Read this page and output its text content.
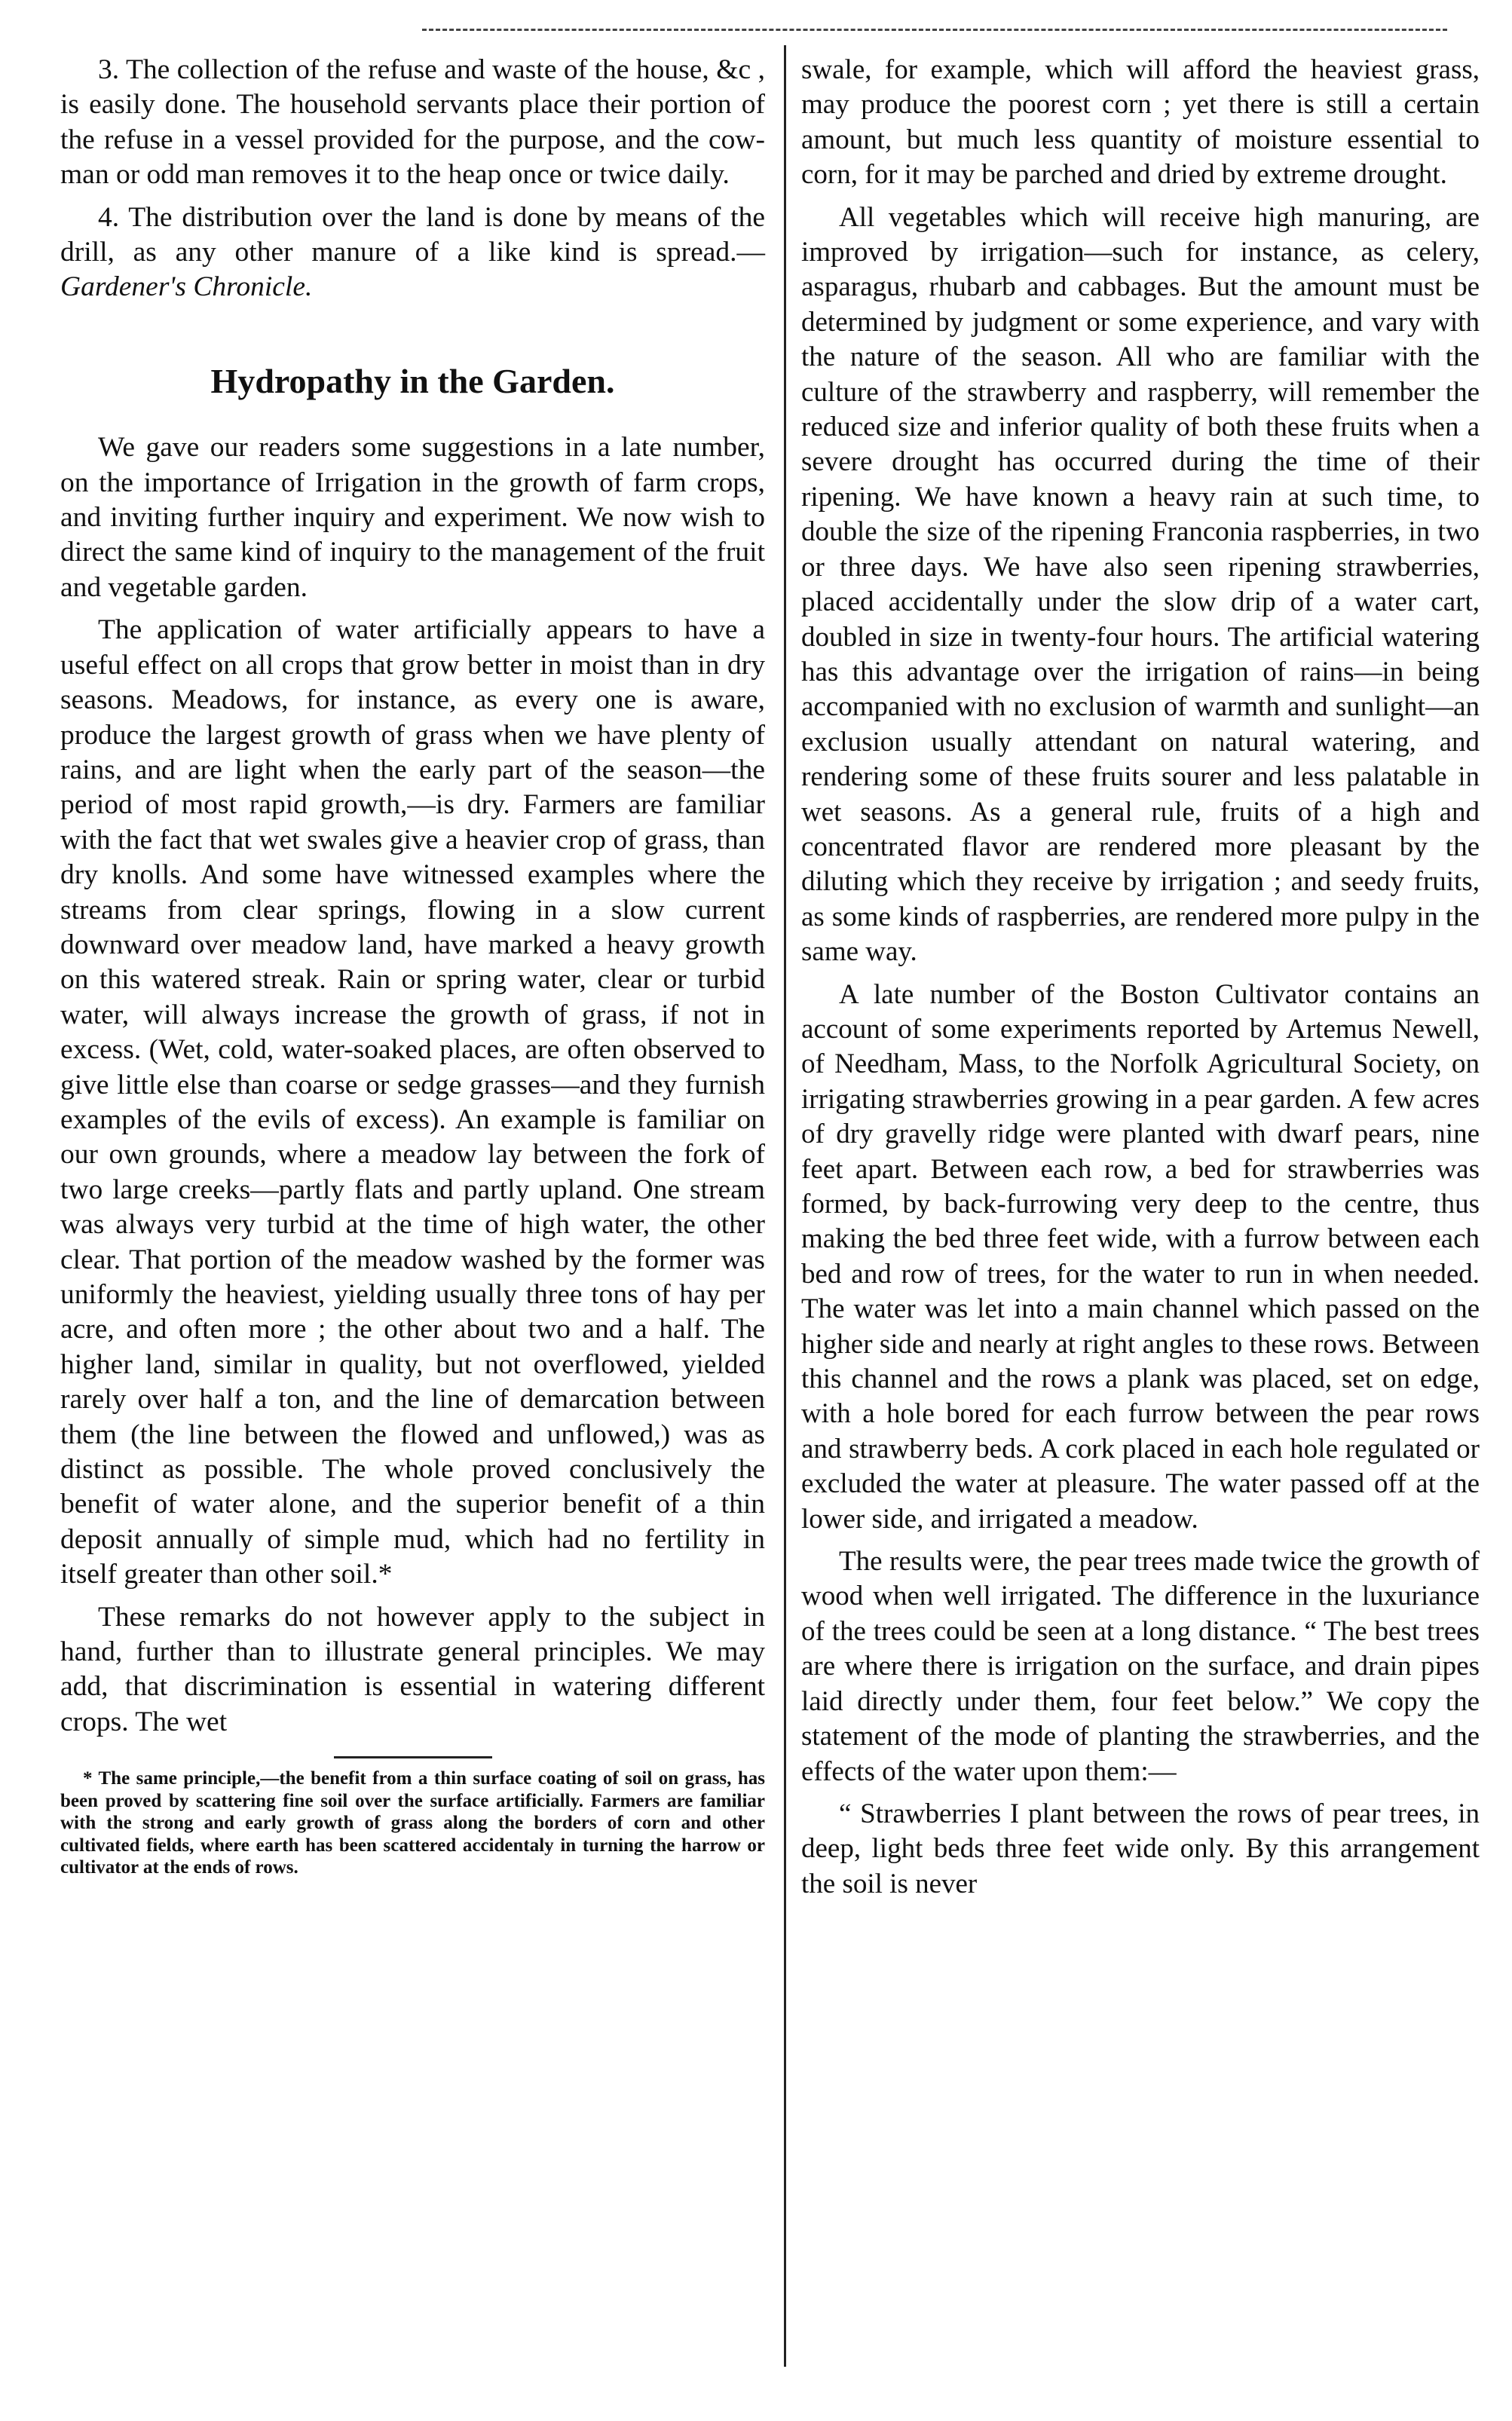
3. The collection of the refuse and waste of the house, &c , is easily done. The household servants place their portion of the refuse in a vessel provided for the purpose, and the cow-man or odd man removes it to the heap once or twice daily.

4. The distribution over the land is done by means of the drill, as any other manure of a like kind is spread.—Gardener's Chronicle.

Hydropathy in the Garden.

We gave our readers some suggestions in a late number, on the importance of Irrigation in the growth of farm crops, and inviting further inquiry and experiment. We now wish to direct the same kind of inquiry to the management of the fruit and vegetable garden.

The application of water artificially appears to have a useful effect on all crops that grow better in moist than in dry seasons. Meadows, for instance, as every one is aware, produce the largest growth of grass when we have plenty of rains, and are light when the early part of the season—the period of most rapid growth,—is dry. Farmers are familiar with the fact that wet swales give a heavier crop of grass, than dry knolls. And some have witnessed examples where the streams from clear springs, flowing in a slow current downward over meadow land, have marked a heavy growth on this watered streak. Rain or spring water, clear or turbid water, will always increase the growth of grass, if not in excess. (Wet, cold, water-soaked places, are often observed to give little else than coarse or sedge grasses—and they furnish examples of the evils of excess). An example is familiar on our own grounds, where a meadow lay between the fork of two large creeks—partly flats and partly upland. One stream was always very turbid at the time of high water, the other clear. That portion of the meadow washed by the former was uniformly the heaviest, yielding usually three tons of hay per acre, and often more ; the other about two and a half. The higher land, similar in quality, but not overflowed, yielded rarely over half a ton, and the line of demarcation between them (the line between the flowed and unflowed,) was as distinct as possible. The whole proved conclusively the benefit of water alone, and the superior benefit of a thin deposit annually of simple mud, which had no fertility in itself greater than other soil.*

These remarks do not however apply to the subject in hand, further than to illustrate general principles. We may add, that discrimination is essential in watering different crops. The wet

* The same principle,—the benefit from a thin surface coating of soil on grass, has been proved by scattering fine soil over the surface artificially. Farmers are familiar with the strong and early growth of grass along the borders of corn and other cultivated fields, where earth has been scattered accidentaly in turning the harrow or cultivator at the ends of rows.

swale, for example, which will afford the heaviest grass, may produce the poorest corn ; yet there is still a certain amount, but much less quantity of moisture essential to corn, for it may be parched and dried by extreme drought.

All vegetables which will receive high manuring, are improved by irrigation—such for instance, as celery, asparagus, rhubarb and cabbages. But the amount must be determined by judgment or some experience, and vary with the nature of the season. All who are familiar with the culture of the strawberry and raspberry, will remember the reduced size and inferior quality of both these fruits when a severe drought has occurred during the time of their ripening. We have known a heavy rain at such time, to double the size of the ripening Franconia raspberries, in two or three days. We have also seen ripening strawberries, placed accidentally under the slow drip of a water cart, doubled in size in twenty-four hours. The artificial watering has this advantage over the irrigation of rains—in being accompanied with no exclusion of warmth and sunlight—an exclusion usually attendant on natural watering, and rendering some of these fruits sourer and less palatable in wet seasons. As a general rule, fruits of a high and concentrated flavor are rendered more pleasant by the diluting which they receive by irrigation ; and seedy fruits, as some kinds of raspberries, are rendered more pulpy in the same way.

A late number of the Boston Cultivator contains an account of some experiments reported by Artemus Newell, of Needham, Mass, to the Norfolk Agricultural Society, on irrigating strawberries growing in a pear garden. A few acres of dry gravelly ridge were planted with dwarf pears, nine feet apart. Between each row, a bed for strawberries was formed, by back-furrowing very deep to the centre, thus making the bed three feet wide, with a furrow between each bed and row of trees, for the water to run in when needed. The water was let into a main channel which passed on the higher side and nearly at right angles to these rows. Between this channel and the rows a plank was placed, set on edge, with a hole bored for each furrow between the pear rows and strawberry beds. A cork placed in each hole regulated or excluded the water at pleasure. The water passed off at the lower side, and irrigated a meadow.

The results were, the pear trees made twice the growth of wood when well irrigated. The difference in the luxuriance of the trees could be seen at a long distance. “ The best trees are where there is irrigation on the surface, and drain pipes laid directly under them, four feet below.” We copy the statement of the mode of planting the strawberries, and the effects of the water upon them:—

“ Strawberries I plant between the rows of pear trees, in deep, light beds three feet wide only. By this arrangement the soil is never
